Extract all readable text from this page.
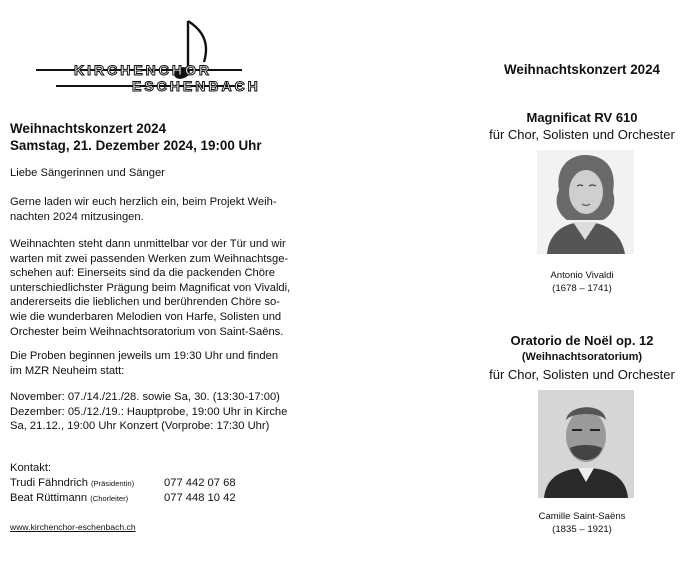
KIRCHENCHOR
ESCHENBACH
Weihnachtskonzert 2024
Samstag, 21. Dezember 2024, 19:00 Uhr

Liebe Sängerinnen und Sänger

Gerne laden wir euch herzlich ein, beim Projekt Weih-

nachten 2024 mitzusingen.

Weihnachten steht dann unmittelbar vor der Tür und wir

warten mit zwei passenden Werken zum Weihnachtsge-

schehen auf: Einerseits sind da die packenden Chöre

unterschiedlichster Prägung beim Magnificat von Vivaldi,

andererseits die lieblichen und berührenden Chöre so-

wie die wunderbaren Melodien von Harfe, Solisten und

Orchester beim Weihnachtsoratorium von Saint-Saëns.

Die Proben beginnen jeweils um 19:30 Uhr und finden

im MZR Neuheim statt:

November: 07./14./21./28. sowie Sa, 30. (13:30-17:00)

Dezember: 05./12./19.: Hauptprobe, 19:00 Uhr in Kirche

Sa, 21.12., 19:00 Uhr Konzert (Vorprobe: 17:30 Uhr)

Kontakt:

Trudi Fähndrich (Präsidentin)	077 442 07 68
Beat Rüttimann (Chorleiter)	077 448 10 42
www.kirchenchor-eschenbach.ch
Weihnachtskonzert 2024
Magnificat RV 610
für Chor, Solisten und Orchester
Antonio Vivaldi
(1678 – 1741)
Oratorio de Noël op. 12
(Weihnachtsoratorium)
für Chor, Solisten und Orchester
Camille Saint-Saëns
(1835 – 1921)
